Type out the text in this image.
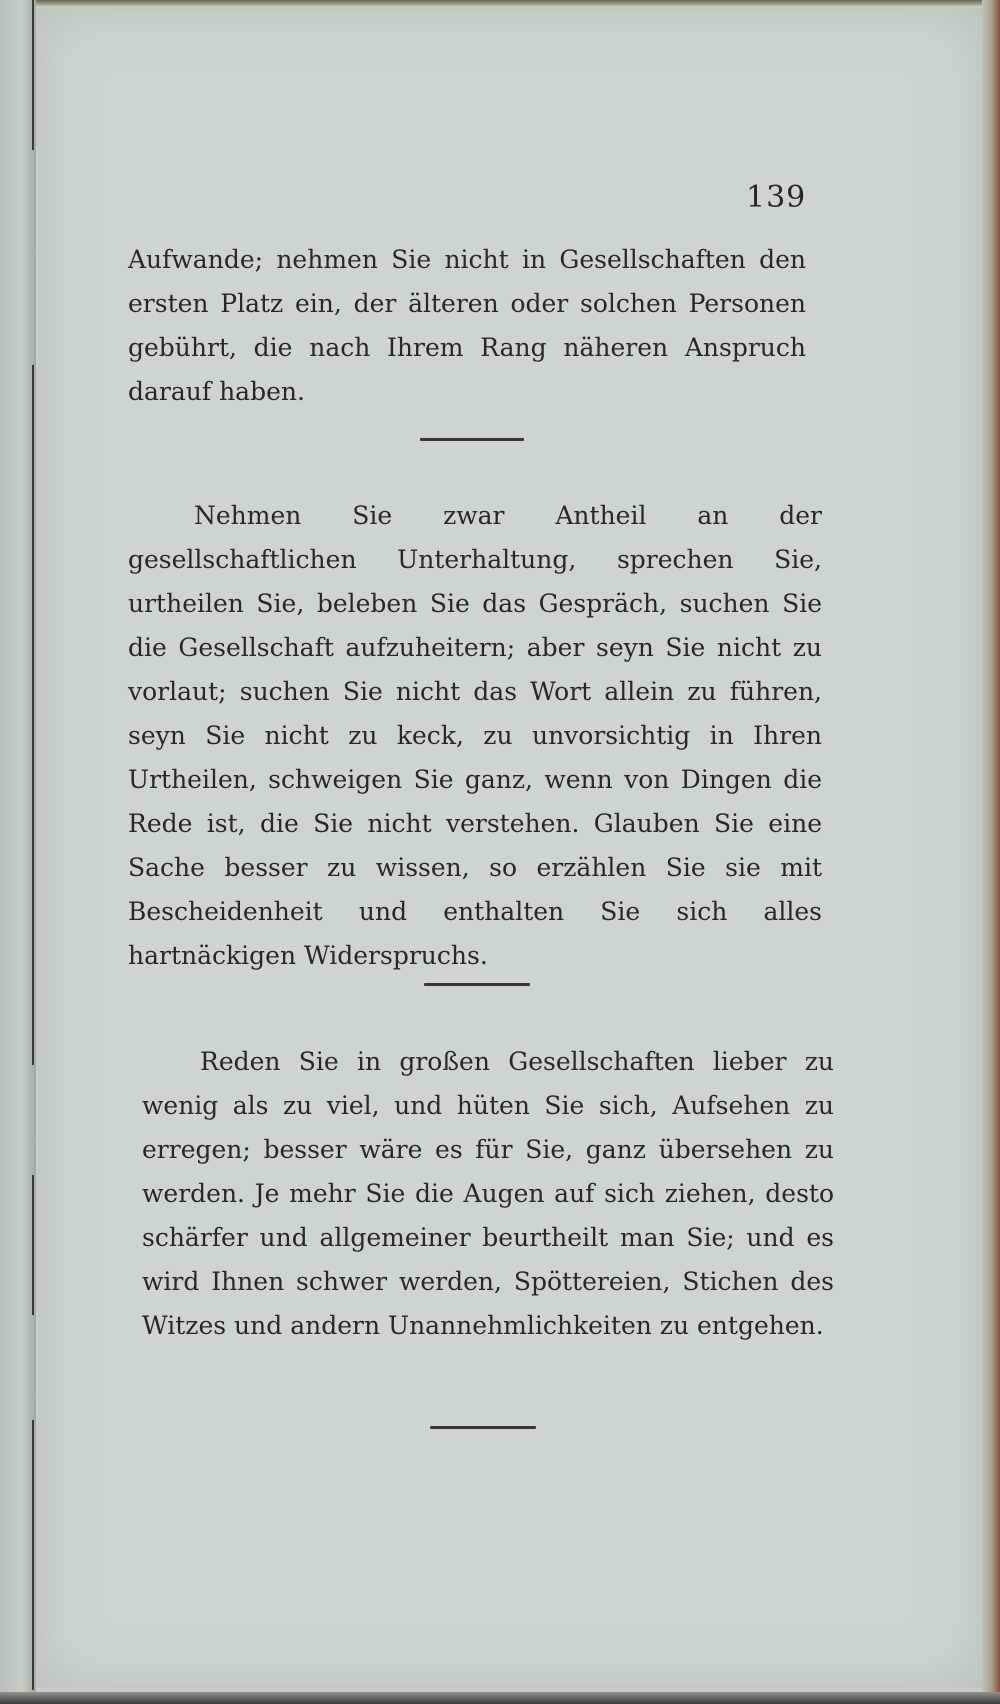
139

Aufwande; nehmen Sie nicht in Gesellschaften den ersten Platz ein, der älteren oder solchen Personen gebührt, die nach Ihrem Rang näheren Anspruch darauf haben.

Nehmen Sie zwar Antheil an der gesellschaftlichen Unterhaltung, sprechen Sie, urtheilen Sie, beleben Sie das Gespräch, suchen Sie die Gesellschaft aufzuheitern; aber seyn Sie nicht zu vorlaut; suchen Sie nicht das Wort allein zu führen, seyn Sie nicht zu keck, zu unvorsichtig in Ihren Urtheilen, schweigen Sie ganz, wenn von Dingen die Rede ist, die Sie nicht verstehen. Glauben Sie eine Sache besser zu wissen, so erzählen Sie sie mit Bescheidenheit und enthalten Sie sich alles hartnäckigen Widerspruchs.

Reden Sie in großen Gesellschaften lieber zu wenig als zu viel, und hüten Sie sich, Aufsehen zu erregen; besser wäre es für Sie, ganz übersehen zu werden. Je mehr Sie die Augen auf sich ziehen, desto schärfer und allgemeiner beurtheilt man Sie; und es wird Ihnen schwer werden, Spöttereien, Stichen des Witzes und andern Unannehmlichkeiten zu entgehen.
